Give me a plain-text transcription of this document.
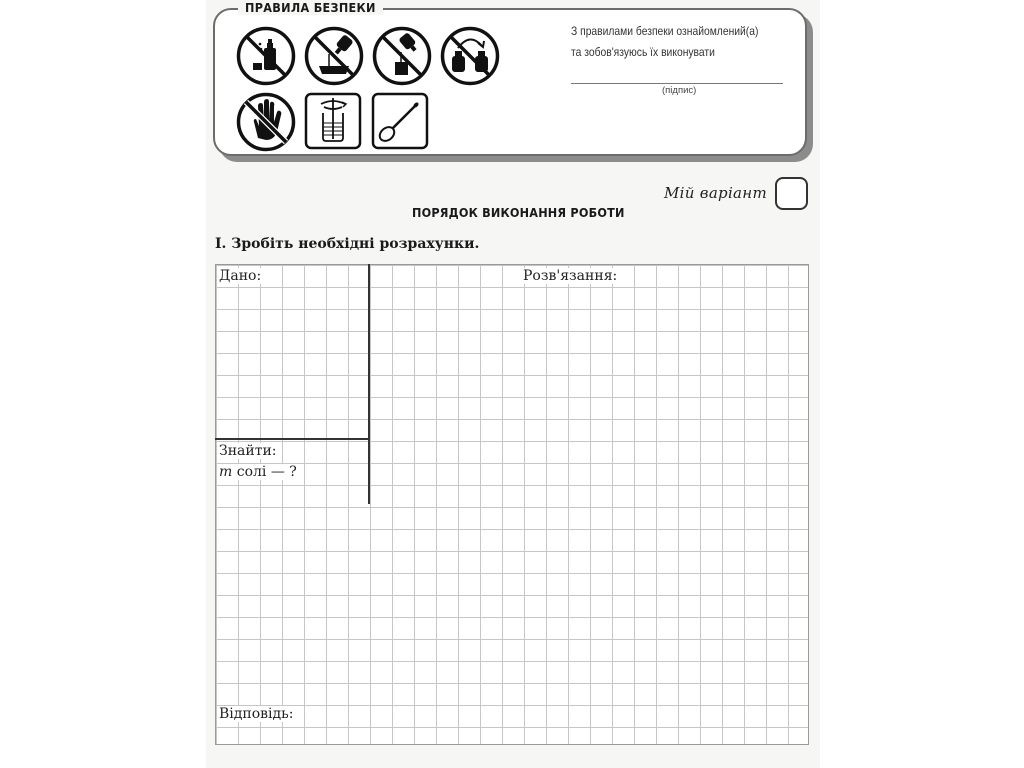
ПРАВИЛА БЕЗПЕКИ
З правилами безпеки ознайомлений(а)
та зобов'язуюсь їх виконувати
(підпис)
Мій варіант
ПОРЯДОК ВИКОНАННЯ РОБОТИ
І. Зробіть необхідні розрахунки.
Дано:	Розв'язання:
Знайти:
m солі — ?
Відповідь:
